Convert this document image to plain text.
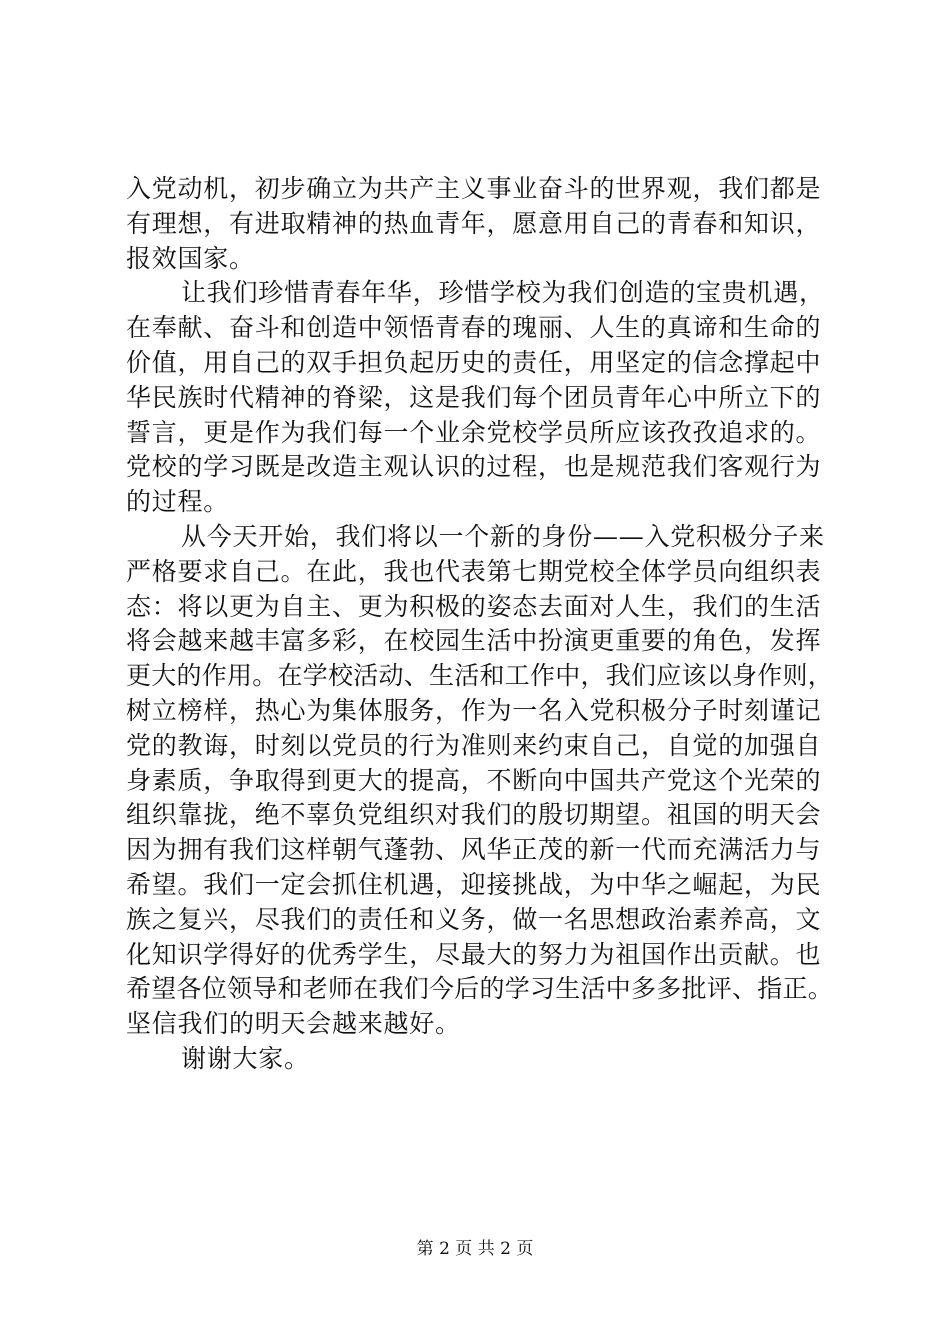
入党动机，初步确立为共产主义事业奋斗的世界观，我们都是
有理想，有进取精神的热血青年，愿意用自己的青春和知识，
报效国家。
让我们珍惜青春年华，珍惜学校为我们创造的宝贵机遇，
在奉献、奋斗和创造中领悟青春的瑰丽、人生的真谛和生命的
价值，用自己的双手担负起历史的责任，用坚定的信念撑起中
华民族时代精神的脊梁，这是我们每个团员青年心中所立下的
誓言，更是作为我们每一个业余党校学员所应该孜孜追求的。
党校的学习既是改造主观认识的过程，也是规范我们客观行为
的过程。
从今天开始，我们将以一个新的身份——入党积极分子来
严格要求自己。在此，我也代表第七期党校全体学员向组织表
态：将以更为自主、更为积极的姿态去面对人生，我们的生活
将会越来越丰富多彩，在校园生活中扮演更重要的角色，发挥
更大的作用。在学校活动、生活和工作中，我们应该以身作则，
树立榜样，热心为集体服务，作为一名入党积极分子时刻谨记
党的教诲，时刻以党员的行为准则来约束自己，自觉的加强自
身素质，争取得到更大的提高，不断向中国共产党这个光荣的
组织靠拢，绝不辜负党组织对我们的殷切期望。祖国的明天会
因为拥有我们这样朝气蓬勃、风华正茂的新一代而充满活力与
希望。我们一定会抓住机遇，迎接挑战，为中华之崛起，为民
族之复兴，尽我们的责任和义务，做一名思想政治素养高，文
化知识学得好的优秀学生，尽最大的努力为祖国作出贡献。也
希望各位领导和老师在我们今后的学习生活中多多批评、指正。
坚信我们的明天会越来越好。
谢谢大家。
第 2 页 共 2 页
